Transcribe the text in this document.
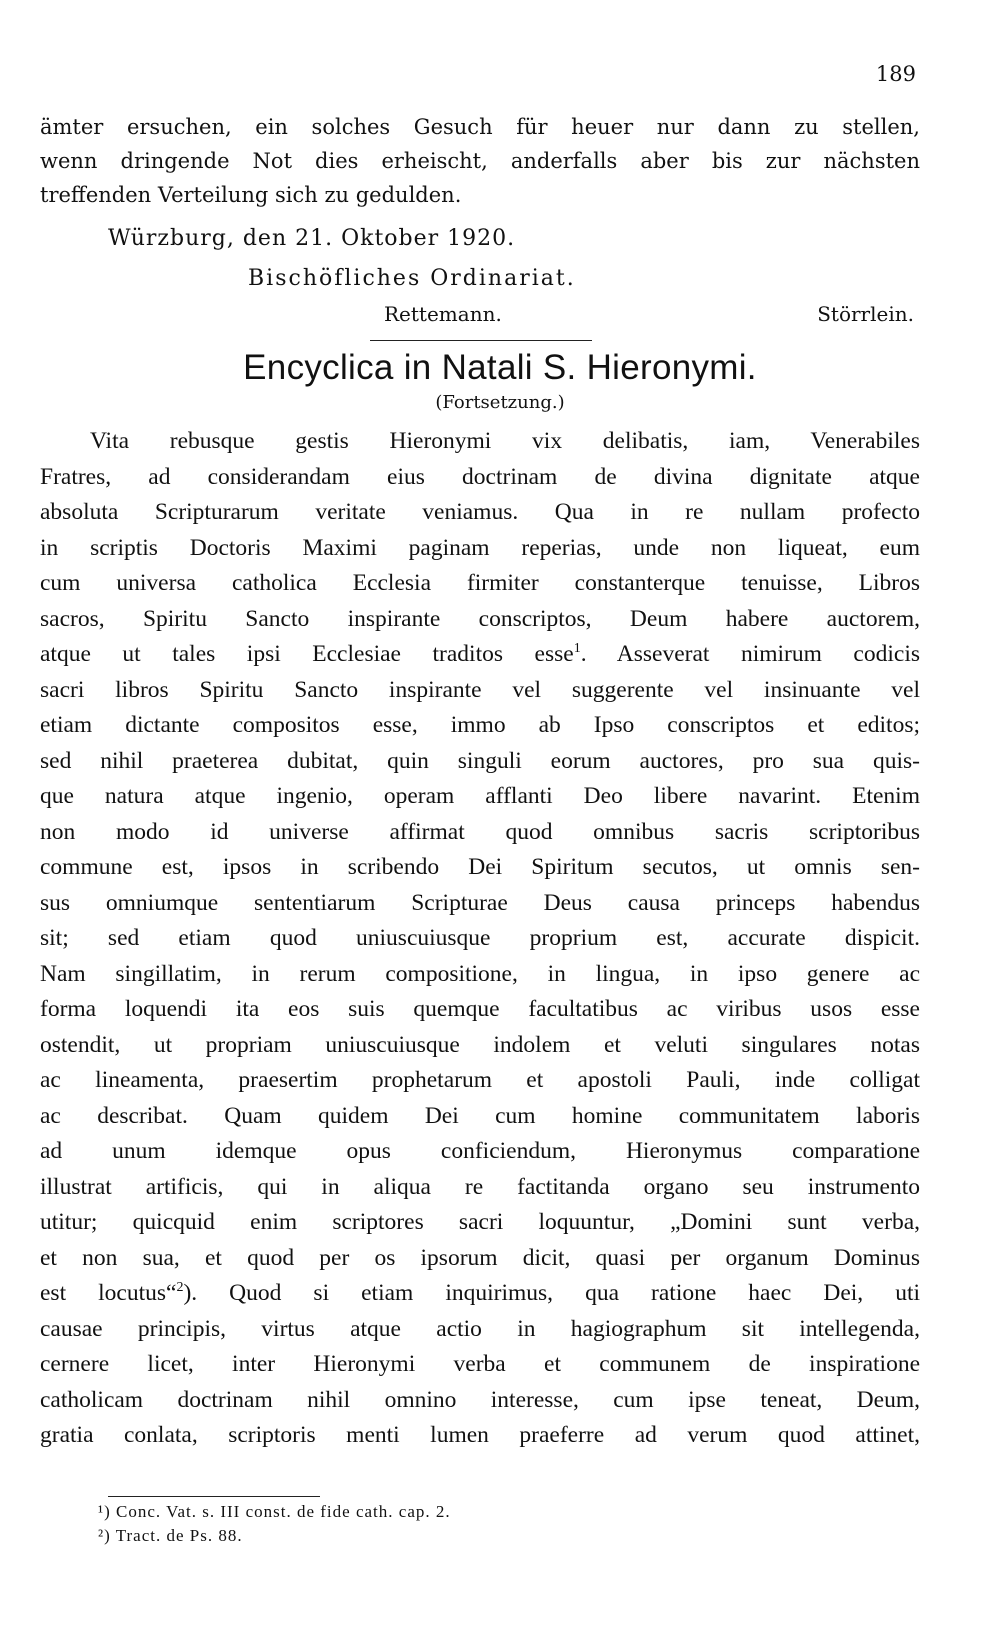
189
ämter ersuchen, ein solches Gesuch für heuer nur dann zu stellen,
wenn dringende Not dies erheischt, anderfalls aber bis zur nächsten
treffenden Verteilung sich zu gedulden.
Würzburg, den 21. Oktober 1920.
Bischöfliches Ordinariat.
Rettemann.	Störrlein.
Encyclica in Natali S. Hieronymi.
(Fortsetzung.)
Vita rebusque gestis Hieronymi vix delibatis, iam, Venerabiles
Fratres, ad considerandam eius doctrinam de divina dignitate atque
absoluta Scripturarum veritate veniamus. Qua in re nullam profecto
in scriptis Doctoris Maximi paginam reperias, unde non liqueat, eum
cum universa catholica Ecclesia firmiter constanterque tenuisse, Libros
sacros, Spiritu Sancto inspirante conscriptos, Deum habere auctorem,
atque ut tales ipsi Ecclesiae traditos esse$^1$. Asseverat nimirum codicis
sacri libros Spiritu Sancto inspirante vel suggerente vel insinuante vel
etiam dictante compositos esse, immo ab Ipso conscriptos et editos;
sed nihil praeterea dubitat, quin singuli eorum auctores, pro sua quis-
que natura atque ingenio, operam afflanti Deo libere navarint. Etenim
non modo id universe affirmat quod omnibus sacris scriptoribus
commune est, ipsos in scribendo Dei Spiritum secutos, ut omnis sen-
sus omniumque sententiarum Scripturae Deus causa princeps habendus
sit; sed etiam quod uniuscuiusque proprium est, accurate dispicit.
Nam singillatim, in rerum compositione, in lingua, in ipso genere ac
forma loquendi ita eos suis quemque facultatibus ac viribus usos esse
ostendit, ut propriam uniuscuiusque indolem et veluti singulares notas
ac lineamenta, praesertim prophetarum et apostoli Pauli, inde colligat
ac describat. Quam quidem Dei cum homine communitatem laboris
ad unum idemque opus conficiendum, Hieronymus comparatione
illustrat artificis, qui in aliqua re factitanda organo seu instrumento
utitur; quicquid enim scriptores sacri loquuntur, „Domini sunt verba,
et non sua, et quod per os ipsorum dicit, quasi per organum Dominus
est locutus“$^2$). Quod si etiam inquirimus, qua ratione haec Dei, uti
causae principis, virtus atque actio in hagiographum sit intellegenda,
cernere licet, inter Hieronymi verba et communem de inspiratione
catholicam doctrinam nihil omnino interesse, cum ipse teneat, Deum,
gratia conlata, scriptoris menti lumen praeferre ad verum quod attinet,
¹) Conc. Vat. s. III const. de fide cath. cap. 2.
²) Tract. de Ps. 88.
